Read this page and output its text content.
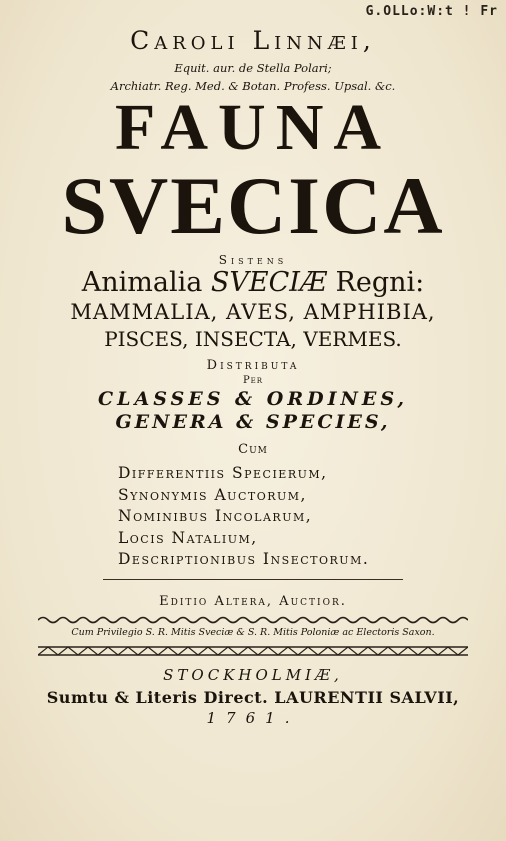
G.OLLo:W:t ! Fr
Caroli Linnæi,
Equit. aur. de Stella Polari;
Archiatr. Reg. Med. & Botan. Profess. Upsal. &c.
FAUNA
SVECICA
Sistens
Animalia SVECIÆ Regni:
MAMMALIA, AVES, AMPHIBIA,
PISCES, INSECTA, VERMES.
Distributa
Per
CLASSES & ORDINES,
GENERA & SPECIES,
Cum
Differentiis Specierum,
Synonymis Auctorum,
Nominibus Incolarum,
Locis Natalium,
Descriptionibus Insectorum.
Editio Altera, Auctior.
Cum Privilegio S. R. Mitis Sveciæ & S. R. Mitis Poloniæ ac Electoris Saxon.
STOCKHOLMIÆ,
Sumtu & Literis Direct. LAURENTII SALVII,
1761.
